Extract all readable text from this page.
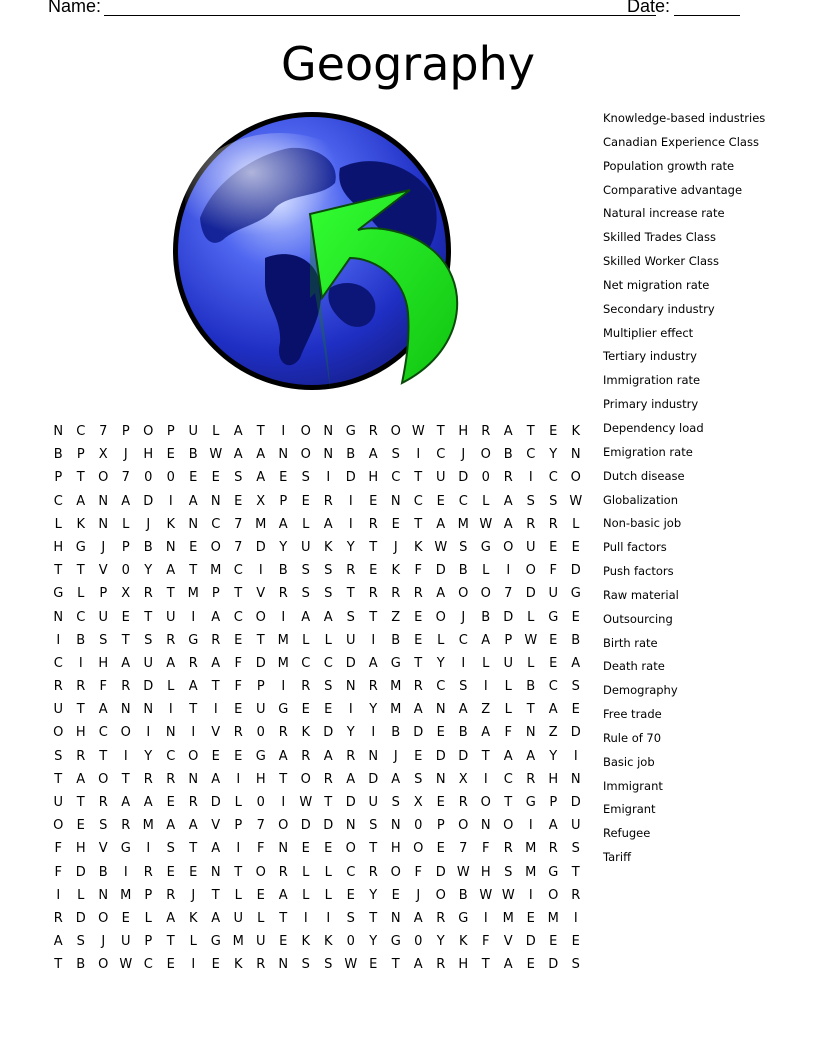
Name:	Date:
Geography
N	C	7	P	O	P	U	L	A	T	I	O N G R O W T	H	R	A	T	E	K
B	P	X	J	H	E	B W A	A	N O N	B	A	S	I	C	J	O B	C	Y	N
P	T	O	7	0	0	E	E	S	A	E	S	I	D H	C	T	U D	0	R	I	C O
C	A	N	A	D	I	A	N	E	X	P	E	R	I	E	N	C	E	C	L	A	S	S W
L	K	N	L	J	K	N	C	7 M A	L	A	I	R	E	T	A M W A	R	R	L
H G	J	P	B	N	E	O	7	D	Y	U	K	Y	T	J	K W S	G O U	E	E
T	T	V	0	Y	A	T M C	I	B	S	S	R	E	K	F	D	B	L	I	O	F	D
G	L	P	X	R	T M P	T	V	R	S	S	T	R	R	R	A O O	7	D U G
N	C	U	E	T	U	I	A	C O	I	A	A	S	T	Z	E	O	J	B	D	L	G	E
I	B	S	T	S	R G R	E	T M	L	L	U	I	B	E	L	C	A	P W E	B
C	I	H	A	U	A	R	A	F	D M C	C D	A	G	T	Y	I	L	U	L	E	A
R	R	F	R D	L	A	T	F	P	I	R	S	N	R M R	C	S	I	L	B	C	S
U	T	A	N N	I	T	I	E	U G	E	E	I	Y M A	N	A	Z	L	T	A	E
O H	C O	I	N	I	V	R	0	R	K	D	Y	I	B	D	E	B	A	F	N	Z	D
S	R	T	I	Y	C O	E	E	G	A	R	A	R	N	J	E	D D	T	A	A	Y	I
T	A O	T	R	R	N	A	I	H	T	O R	A	D	A	S	N	X	I	C	R	H N
U	T	R	A	A	E	R D	L	0	I	W T	D U	S	X	E	R O	T	G	P	D
O	E	S	R M A	A	V	P	7	O D D N	S	N	0	P	O N O	I	A	U
F	H	V	G	I	S	T	A	I	F	N	E	E	O	T	H O	E	7	F	R M R	S
F	D	B	I	R	E	E	N	T	O R	L	L	C	R O	F	D W H	S M G	T
I	L	N M P	R	J	T	L	E	A	L	L	E	Y	E	J	O B W W	I	O R
R D O	E	L	A	K	A	U	L	T	I	I	S	T	N	A	R G	I	M E M	I
A	S	J	U	P	T	L	G M U	E	K	K	0	Y	G	0	Y	K	F	V	D	E	E
T	B O W C	E	I	E	K	R	N	S	S W E	T	A	R	H	T	A	E	D	S
Knowledge-based industries
Canadian Experience Class
Population growth rate
Comparative advantage
Natural increase rate
Skilled Trades Class
Skilled Worker Class
Net migration rate
Secondary industry
Multiplier effect
Tertiary industry
Immigration rate
Primary industry
Dependency load
Emigration rate
Dutch disease
Globalization
Non-basic job
Pull factors
Push factors
Raw material
Outsourcing
Birth rate
Death rate
Demography
Free trade
Rule of 70
Basic job
Immigrant
Emigrant
Refugee
Tariff
